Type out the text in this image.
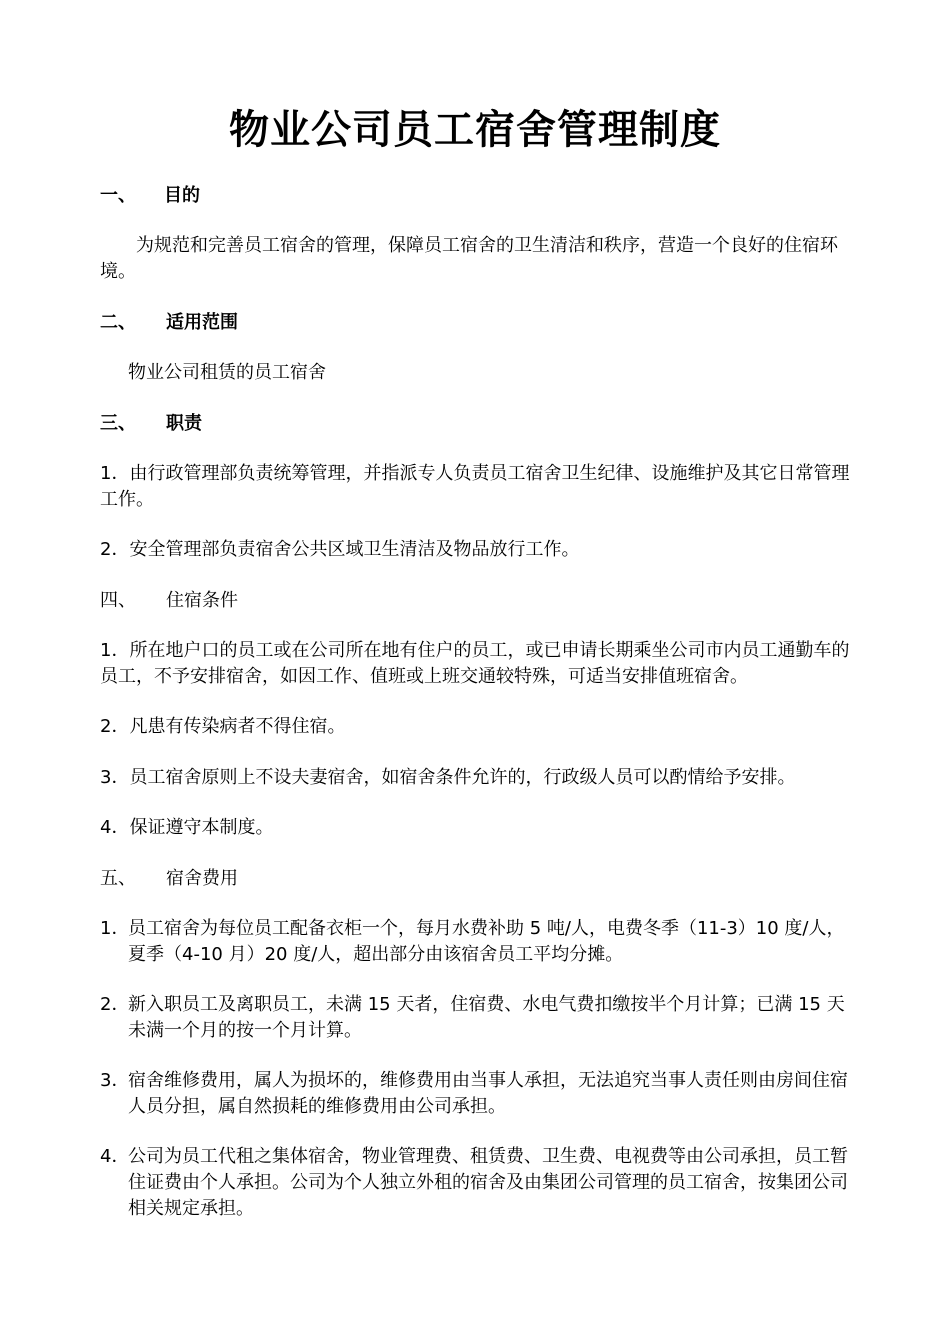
物业公司员工宿舍管理制度
一、 目的
为规范和完善员工宿舍的管理，保障员工宿舍的卫生清洁和秩序，营造一个良好的住宿环境。
二、 适用范围
物业公司租赁的员工宿舍
三、 职责
1．由行政管理部负责统筹管理，并指派专人负责员工宿舍卫生纪律、设施维护及其它日常管理工作。
2．安全管理部负责宿舍公共区域卫生清洁及物品放行工作。
四、 住宿条件
1．所在地户口的员工或在公司所在地有住户的员工，或已申请长期乘坐公司市内员工通勤车的员工，不予安排宿舍，如因工作、值班或上班交通较特殊，可适当安排值班宿舍。
2．凡患有传染病者不得住宿。
3．员工宿舍原则上不设夫妻宿舍，如宿舍条件允许的，行政级人员可以酌情给予安排。
4．保证遵守本制度。
五、 宿舍费用
1．
员工宿舍为每位员工配备衣柜一个，每月水费补助 5 吨/人，电费冬季（11-3）10 度/人，夏季（4-10 月）20 度/人，超出部分由该宿舍员工平均分摊。
2．
新入职员工及离职员工，未满 15 天者，住宿费、水电气费扣缴按半个月计算；已满 15 天未满一个月的按一个月计算。
3．
宿舍维修费用，属人为损坏的，维修费用由当事人承担，无法追究当事人责任则由房间住宿人员分担，属自然损耗的维修费用由公司承担。
4．
公司为员工代租之集体宿舍，物业管理费、租赁费、卫生费、电视费等由公司承担，员工暂住证费由个人承担。公司为个人独立外租的宿舍及由集团公司管理的员工宿舍，按集团公司相关规定承担。
